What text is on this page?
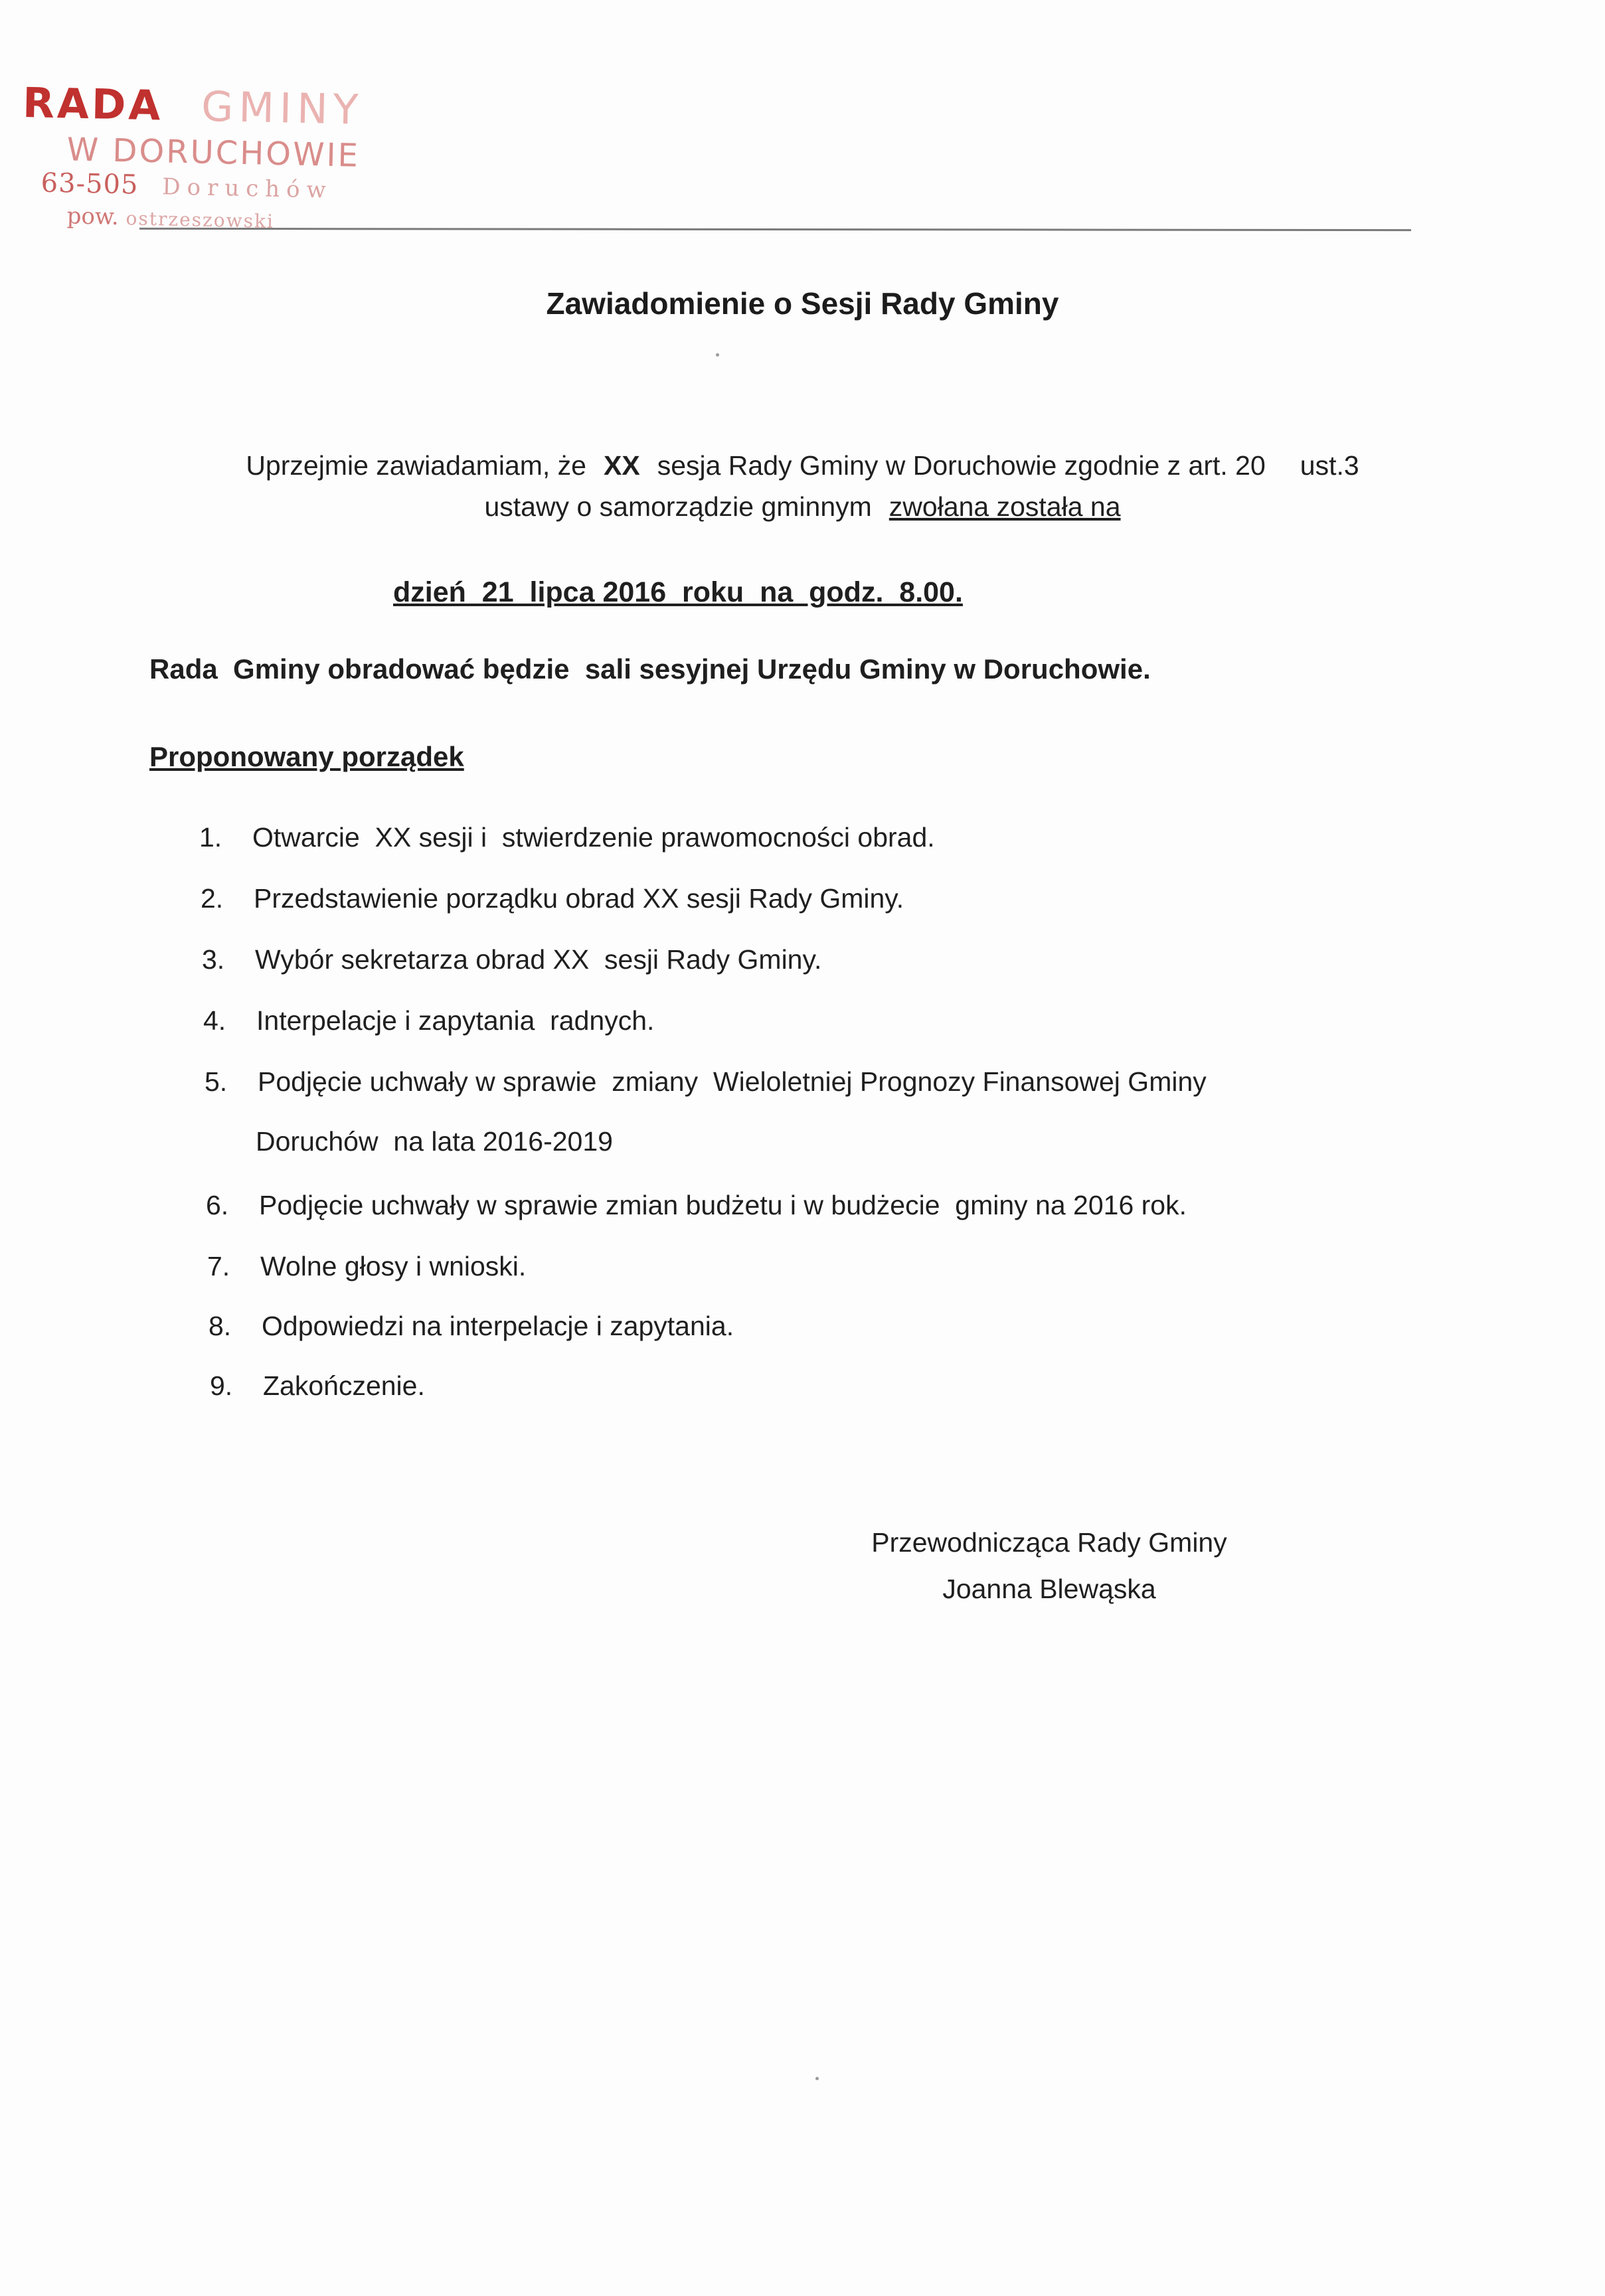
RADA GMINY
W DORUCHOWIE
63-505 Doruchów
pow. ostrzeszowski
Zawiadomienie o Sesji Rady Gminy
Uprzejmie zawiadamiam, że XX sesja Rady Gminy w Doruchowie zgodnie z art. 20 ust.3
ustawy o samorządzie gminnym zwołana została na
dzień  21  lipca 2016  roku  na  godz.  8.00.
Rada  Gminy obradować będzie  sali sesyjnej Urzędu Gminy w Doruchowie.
Proponowany porządek
1. Otwarcie  XX sesji i  stwierdzenie prawomocności obrad.
2. Przedstawienie porządku obrad XX sesji Rady Gminy.
3. Wybór sekretarza obrad XX  sesji Rady Gminy.
4. Interpelacje i zapytania  radnych.
5. Podjęcie uchwały w sprawie  zmiany  Wieloletniej Prognozy Finansowej Gminy
6. Podjęcie uchwały w sprawie zmian budżetu i w budżecie  gminy na 2016 rok.
7. Wolne głosy i wnioski.
8. Odpowiedzi na interpelacje i zapytania.
9. Zakończenie.
Doruchów  na lata 2016-2019
Przewodnicząca Rady Gminy
Joanna Blewąska
